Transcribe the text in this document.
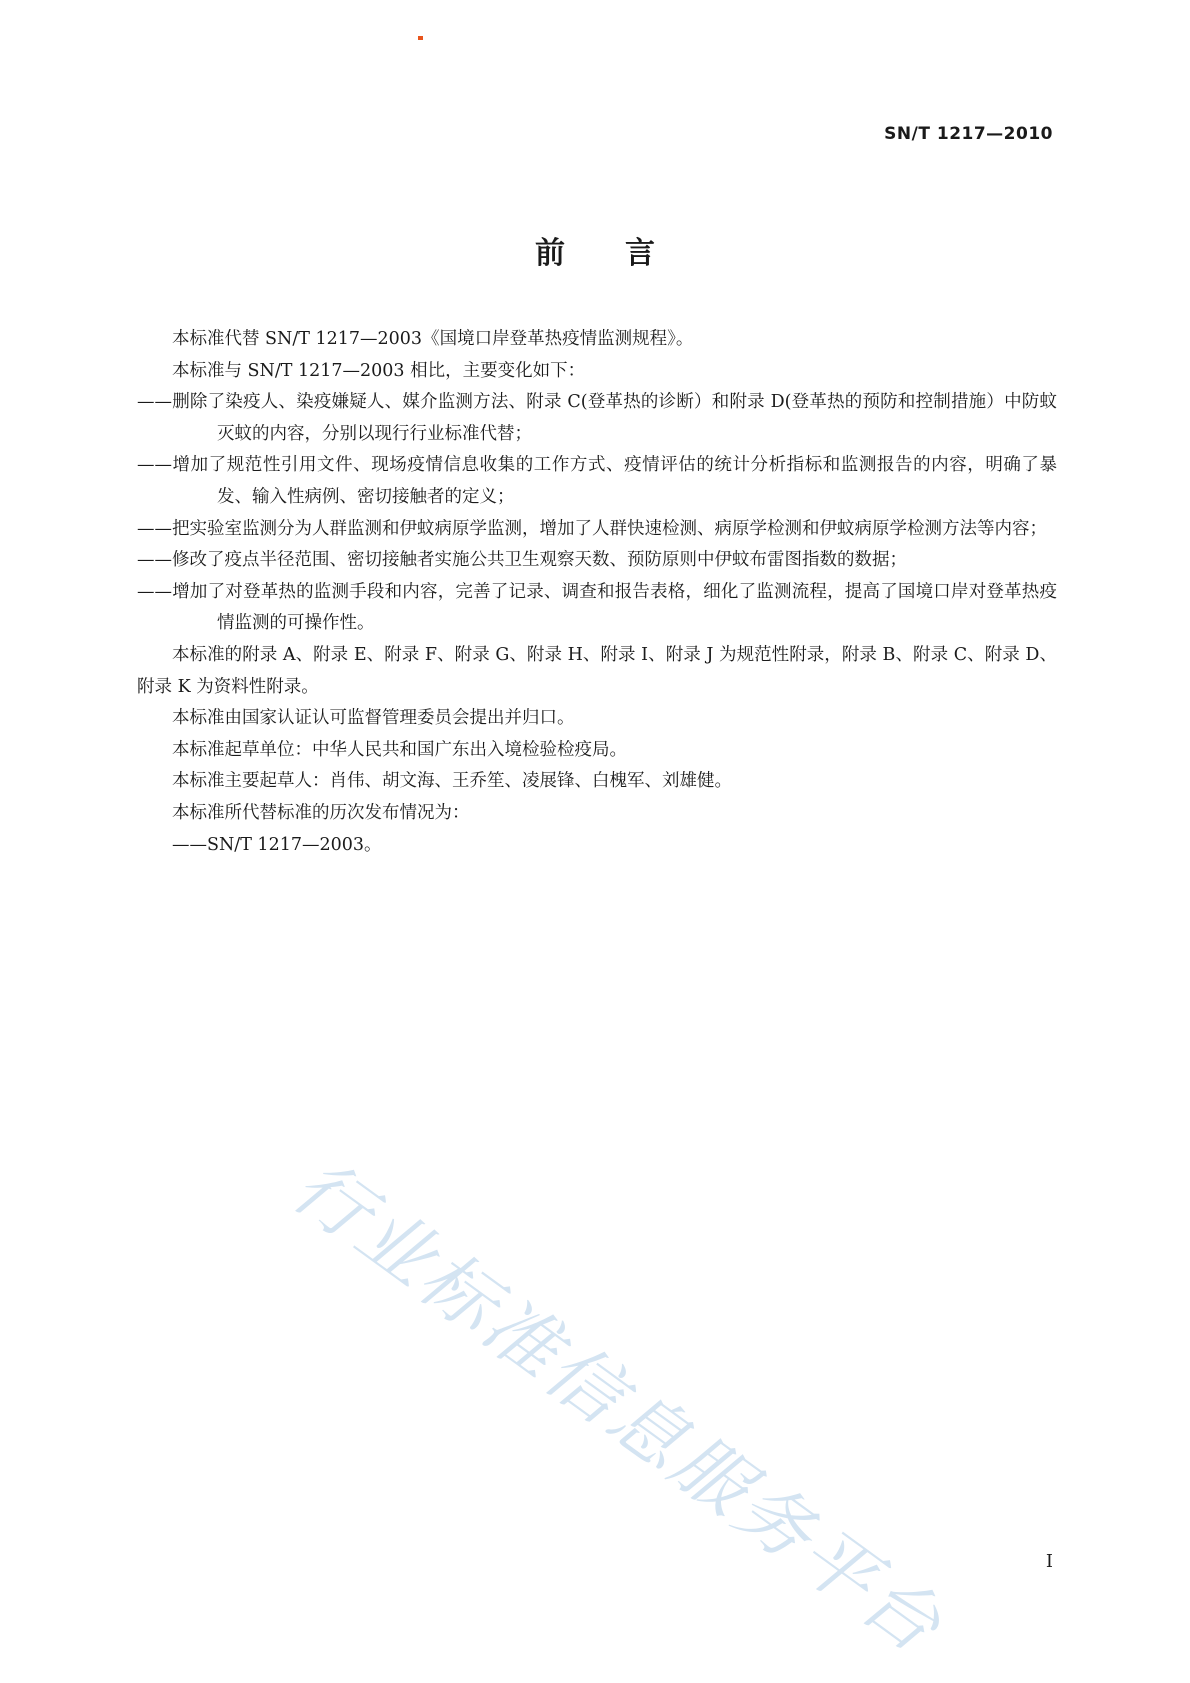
SN/T 1217—2010
前 言

本标准代替 SN/T 1217—2003《国境口岸登革热疫情监测规程》。

本标准与 SN/T 1217—2003 相比，主要变化如下：

——删除了染疫人、染疫嫌疑人、媒介监测方法、附录 C(登革热的诊断）和附录 D(登革热的预防和控制措施）中防蚊灭蚊的内容，分别以现行行业标准代替；

——增加了规范性引用文件、现场疫情信息收集的工作方式、疫情评估的统计分析指标和监测报告的内容，明确了暴发、输入性病例、密切接触者的定义；

——把实验室监测分为人群监测和伊蚊病原学监测，增加了人群快速检测、病原学检测和伊蚊病原学检测方法等内容；

——修改了疫点半径范围、密切接触者实施公共卫生观察天数、预防原则中伊蚊布雷图指数的数据；

——增加了对登革热的监测手段和内容，完善了记录、调查和报告表格，细化了监测流程，提高了国境口岸对登革热疫情监测的可操作性。

本标准的附录 A、附录 E、附录 F、附录 G、附录 H、附录 I、附录 J 为规范性附录，附录 B、附录 C、附录 D、附录 K 为资料性附录。

本标准由国家认证认可监督管理委员会提出并归口。

本标准起草单位：中华人民共和国广东出入境检验检疫局。

本标准主要起草人：肖伟、胡文海、王乔笙、凌展锋、白槐军、刘雄健。

本标准所代替标准的历次发布情况为：

——SN/T 1217—2003。

行业标准信息服务平台	I
